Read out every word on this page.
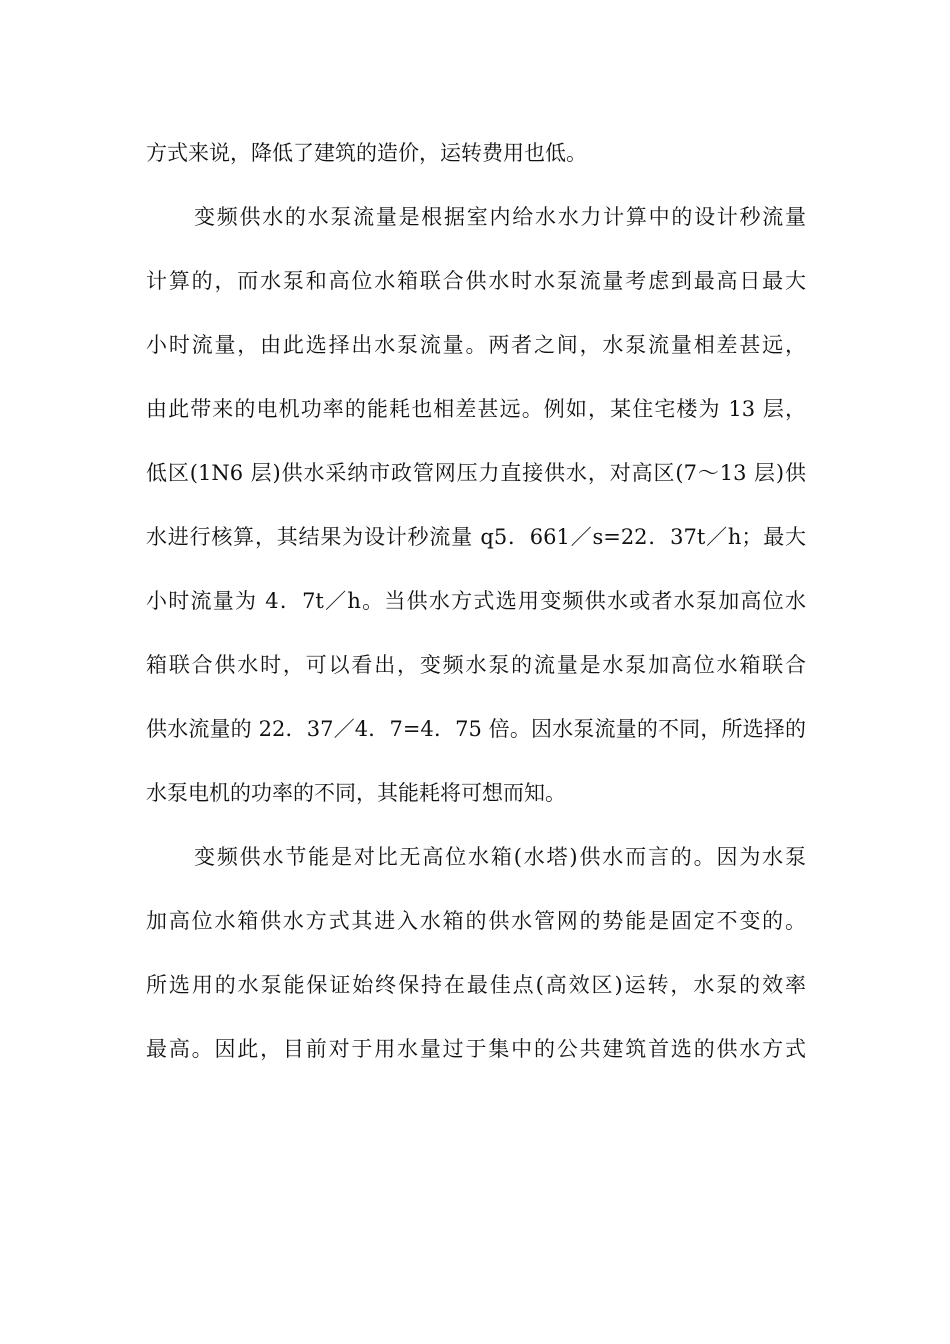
方式来说，降低了建筑的造价，运转费用也低。
变频供水的水泵流量是根据室内给水水力计算中的设计秒流量
计算的，而水泵和高位水箱联合供水时水泵流量考虑到最高日最大
小时流量，由此选择出水泵流量。两者之间，水泵流量相差甚远，
由此带来的电机功率的能耗也相差甚远。例如，某住宅楼为 13 层，
低区(1N6 层)供水采纳市政管网压力直接供水，对高区(7～13 层)供
水进行核算，其结果为设计秒流量 q5．661／s=22．37t／h；最大
小时流量为 4．7t／h。当供水方式选用变频供水或者水泵加高位水
箱联合供水时，可以看出，变频水泵的流量是水泵加高位水箱联合
供水流量的 22．37／4．7=4．75 倍。因水泵流量的不同，所选择的
水泵电机的功率的不同，其能耗将可想而知。
变频供水节能是对比无高位水箱(水塔)供水而言的。因为水泵
加高位水箱供水方式其进入水箱的供水管网的势能是固定不变的。
所选用的水泵能保证始终保持在最佳点(高效区)运转，水泵的效率
最高。因此，目前对于用水量过于集中的公共建筑首选的供水方式
